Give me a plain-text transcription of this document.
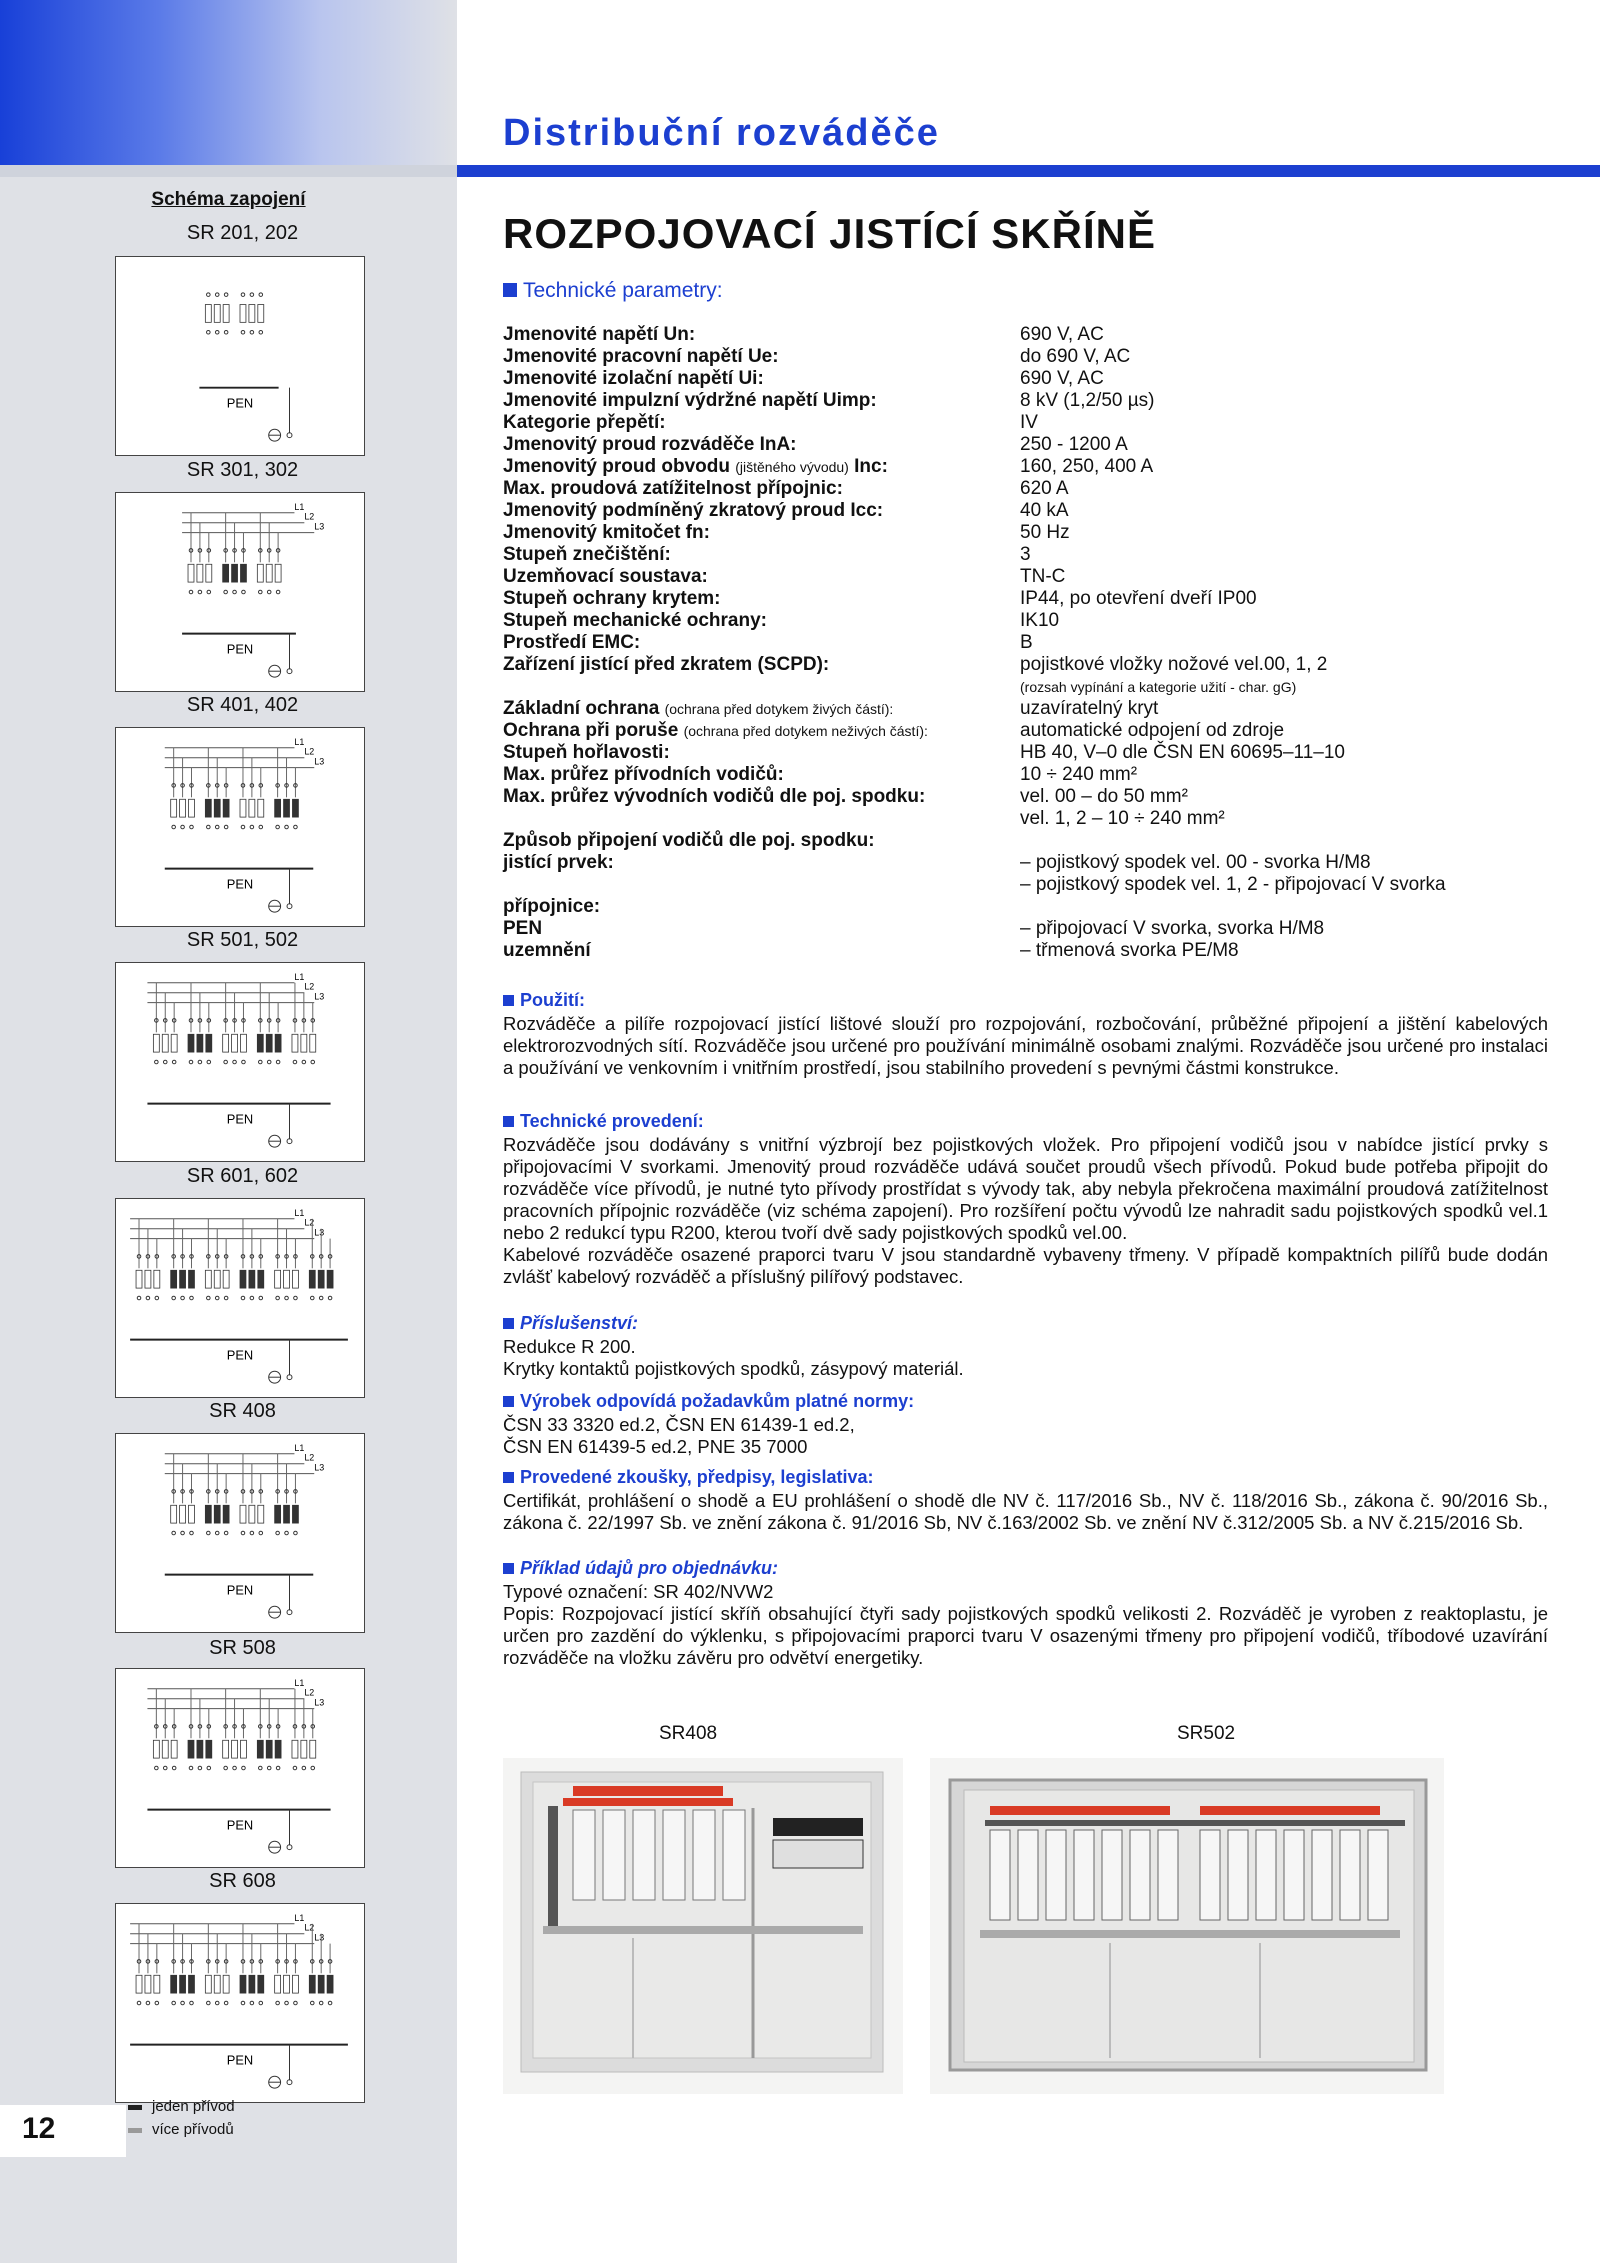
Distribuční rozváděče
Schéma zapojení
SR 201, 202
PEN
SR 301, 302
L1
L2
L3
PEN
SR 401, 402
L1
L2
L3
PEN
SR 501, 502
L1
L2
L3
PEN
SR 601, 602
L1
L2
L3
PEN
SR 408
L1
L2
L3
PEN
SR 508
L1
L2
L3
PEN
SR 608
L1
L2
L3
PEN
jeden přívod
více přívodů
12
ROZPOJOVACÍ JISTÍCÍ SKŘÍNĚ
Technické parametry:
Jmenovité napětí Un:	690 V, AC
Jmenovité pracovní napětí Ue:	do 690 V, AC
Jmenovité izolační napětí Ui:	690 V, AC
Jmenovité impulzní výdržné napětí Uimp:	8 kV (1,2/50 µs)
Kategorie přepětí:	IV
Jmenovitý proud rozváděče InA:	250 - 1200 A
Jmenovitý proud obvodu (jištěného vývodu) Inc:	160, 250, 400 A
Max. proudová zatížitelnost přípojnic:	620 A
Jmenovitý podmíněný zkratový proud Icc:	40 kA
Jmenovitý kmitočet fn:	50 Hz
Stupeň znečištění:	3
Uzemňovací soustava:	TN-C
Stupeň ochrany krytem:	IP44, po otevření dveří IP00
Stupeň mechanické ochrany:	IK10
Prostředí EMC:	B
Zařízení jistící před zkratem (SCPD):	pojistkové vložky nožové vel.00, 1, 2
(rozsah vypínání a kategorie užití - char. gG)
Základní ochrana (ochrana před dotykem živých částí):	uzavíratelný kryt
Ochrana při poruše (ochrana před dotykem neživých částí):	automatické odpojení od zdroje
Stupeň hořlavosti:	HB 40, V–0 dle ČSN EN 60695–11–10
Max. průřez přívodních vodičů:	10 ÷ 240 mm²
Max. průřez vývodních vodičů dle poj. spodku:	vel. 00 – do 50 mm²
vel. 1, 2 – 10 ÷ 240 mm²
Způsob připojení vodičů dle poj. spodku:
jistící prvek:	– pojistkový spodek vel. 00 - svorka H/M8
– pojistkový spodek vel. 1, 2 - připojovací V svorka
přípojnice:
PEN	– připojovací V svorka, svorka H/M8
uzemnění	– třmenová svorka PE/M8
Použití:

Rozváděče a pilíře rozpojovací jistící lištové slouží pro rozpojování, rozbočování, průběžné připojení a jištění kabelových elektrorozvodných sítí. Rozváděče jsou určené pro používání minimálně osobami znalými. Rozváděče jsou určené pro instalaci a používání ve venkovním i vnitřním prostředí, jsou stabilního provedení s pevnými částmi konstrukce.

Technické provedení:

Rozváděče jsou dodávány s vnitřní výzbrojí bez pojistkových vložek. Pro připojení vodičů jsou v nabídce jistící prvky s připojovacími V svorkami. Jmenovitý proud rozváděče udává součet proudů všech přívodů. Pokud bude potřeba připojit do rozváděče více přívodů, je nutné tyto přívody prostřídat s vývody tak, aby nebyla překročena maximální proudová zatížitelnost pracovních přípojnic rozváděče (viz schéma zapojení). Pro rozšíření počtu vývodů lze nahradit sadu pojistkových spodků vel.1 nebo 2 redukcí typu R200, kterou tvoří dvě sady pojistkových spodků vel.00.

Kabelové rozváděče osazené praporci tvaru V jsou standardně vybaveny třmeny. V případě kompaktních pilířů bude dodán zvlášť kabelový rozváděč a příslušný pilířový podstavec.

Příslušenství:

Redukce R 200.

Krytky kontaktů pojistkových spodků, zásypový materiál.

Výrobek odpovídá požadavkům platné normy:

ČSN 33 3320 ed.2, ČSN EN 61439-1 ed.2,

ČSN EN 61439-5 ed.2, PNE 35 7000

Provedené zkoušky, předpisy, legislativa:

Certifikát, prohlášení o shodě a EU prohlášení o shodě dle NV č. 117/2016 Sb., NV č. 118/2016 Sb., zákona č. 90/2016 Sb., zákona č. 22/1997 Sb. ve znění zákona č. 91/2016 Sb, NV č.163/2002 Sb. ve znění NV č.312/2005 Sb. a NV č.215/2016 Sb.

Příklad údajů pro objednávku:

Typové označení: SR 402/NVW2

Popis: Rozpojovací jistící skříň obsahující čtyři sady pojistkových spodků velikosti 2. Rozváděč je vyroben z reaktoplastu, je určen pro zazdění do výklenku, s připojovacími praporci tvaru V osazenými třmeny pro připojení vodičů, tříbodové uzavírání rozváděče na vložku závěru pro odvětví energetiky.

SR408	SR502
